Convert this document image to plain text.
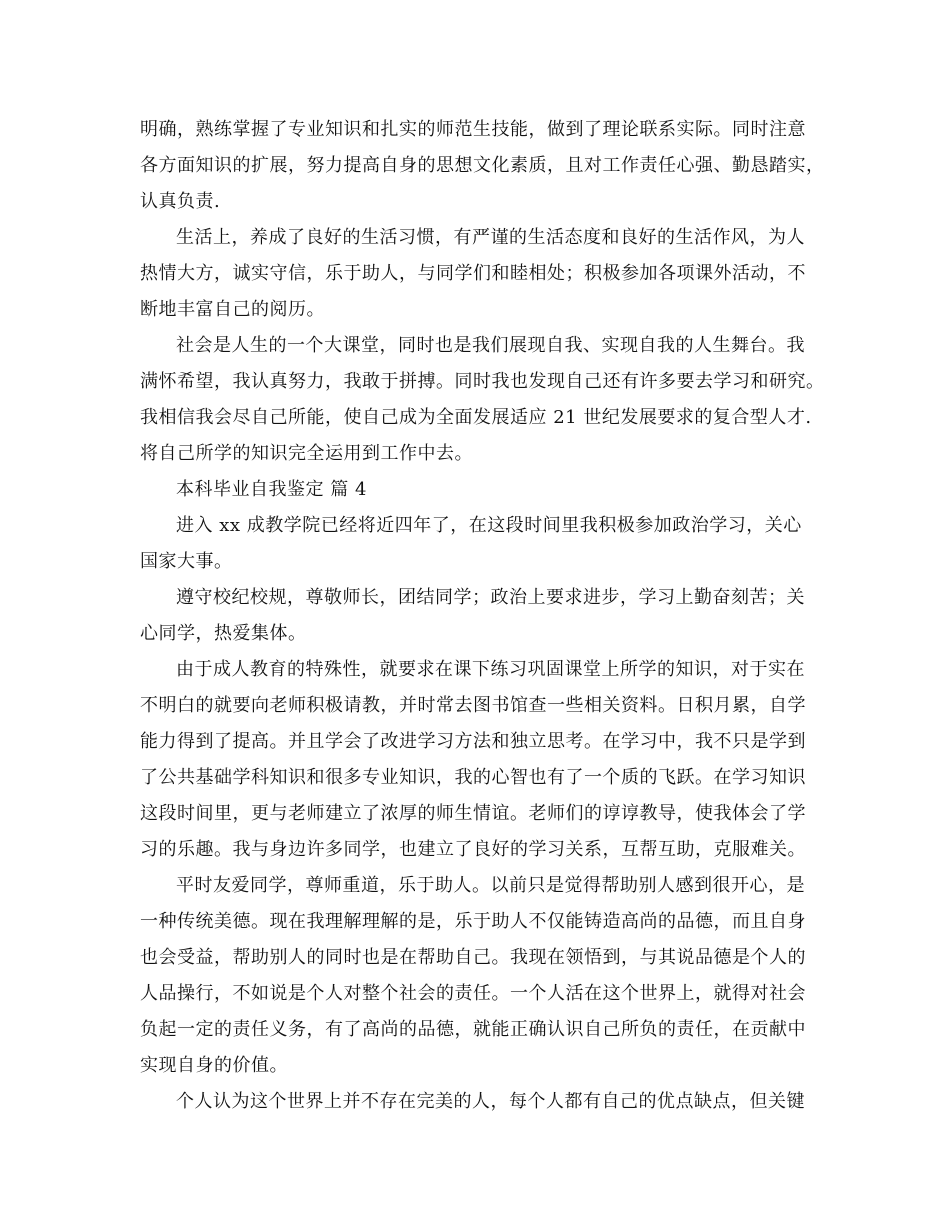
明确，熟练掌握了专业知识和扎实的师范生技能，做到了理论联系实际。同时注意
各方面知识的扩展，努力提高自身的思想文化素质，且对工作责任心强、勤恳踏实，
认真负责.
生活上，养成了良好的生活习惯，有严谨的生活态度和良好的生活作风，为人
热情大方，诚实守信，乐于助人，与同学们和睦相处；积极参加各项课外活动，不
断地丰富自己的阅历。
社会是人生的一个大课堂，同时也是我们展现自我、实现自我的人生舞台。我
满怀希望，我认真努力，我敢于拼搏。同时我也发现自己还有许多要去学习和研究。
我相信我会尽自己所能，使自己成为全面发展适应 21 世纪发展要求的复合型人才.
将自己所学的知识完全运用到工作中去。
本科毕业自我鉴定 篇 4
进入 xx 成教学院已经将近四年了，在这段时间里我积极参加政治学习，关心
国家大事。
遵守校纪校规，尊敬师长，团结同学；政治上要求进步，学习上勤奋刻苦；关
心同学，热爱集体。
由于成人教育的特殊性，就要求在课下练习巩固课堂上所学的知识，对于实在
不明白的就要向老师积极请教，并时常去图书馆查一些相关资料。日积月累，自学
能力得到了提高。并且学会了改进学习方法和独立思考。在学习中，我不只是学到
了公共基础学科知识和很多专业知识，我的心智也有了一个质的飞跃。在学习知识
这段时间里，更与老师建立了浓厚的师生情谊。老师们的谆谆教导，使我体会了学
习的乐趣。我与身边许多同学，也建立了良好的学习关系，互帮互助，克服难关。
平时友爱同学，尊师重道，乐于助人。以前只是觉得帮助别人感到很开心，是
一种传统美德。现在我理解理解的是，乐于助人不仅能铸造高尚的品德，而且自身
也会受益，帮助别人的同时也是在帮助自己。我现在领悟到，与其说品德是个人的
人品操行，不如说是个人对整个社会的责任。一个人活在这个世界上，就得对社会
负起一定的责任义务，有了高尚的品德，就能正确认识自己所负的责任，在贡献中
实现自身的价值。
个人认为这个世界上并不存在完美的人，每个人都有自己的优点缺点，但关键
